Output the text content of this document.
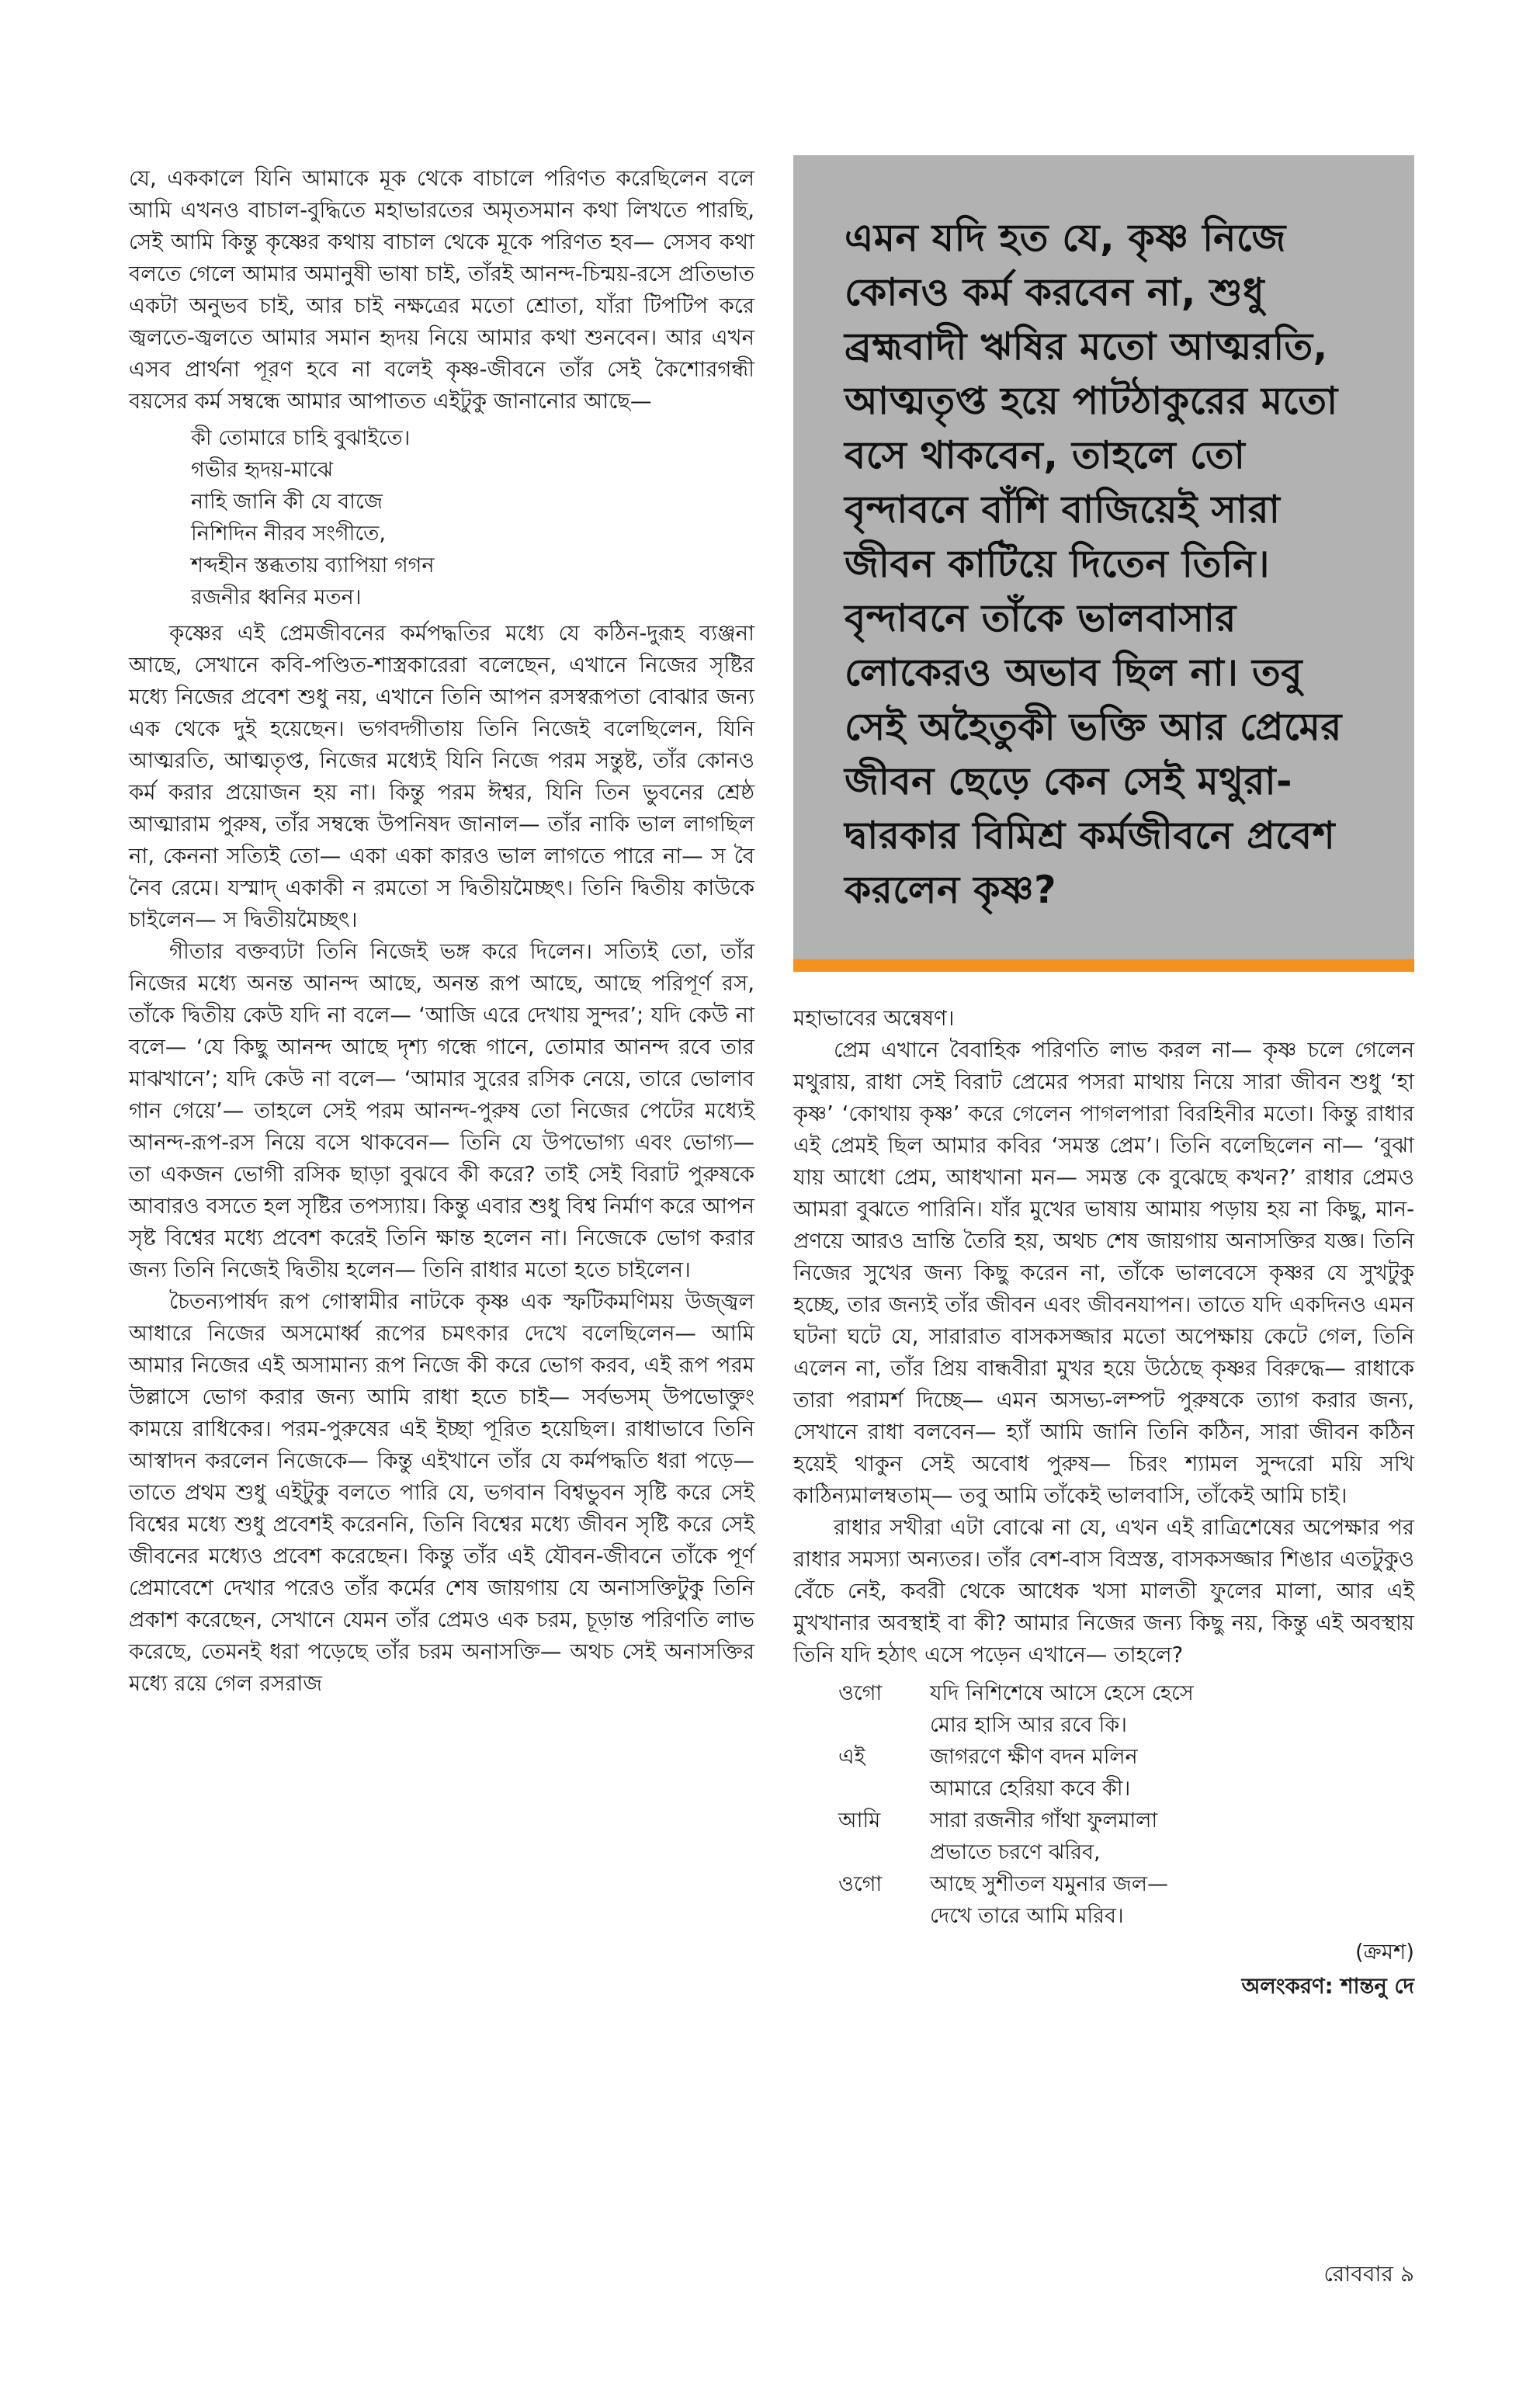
যে, এককালে যিনি আমাকে মূক থেকে বাচালে পরিণত করেছিলেন বলে আমি এখনও বাচাল-বুদ্ধিতে মহাভারতের অমৃতসমান কথা লিখতে পারছি, সেই আমি কিন্তু কৃষ্ণের কথায় বাচাল থেকে মূকে পরিণত হব— সেসব কথা বলতে গেলে আমার অমানুষী ভাষা চাই, তাঁরই আনন্দ-চিন্ময়-রসে প্রতিভাত একটা অনুভব চাই, আর চাই নক্ষত্রের মতো শ্রোতা, যাঁরা টিপটিপ করে জ্বলতে-জ্বলতে আমার সমান হৃদয় নিয়ে আমার কথা শুনবেন। আর এখন এসব প্রার্থনা পূরণ হবে না বলেই কৃষ্ণ-জীবনে তাঁর সেই কৈশোরগন্ধী বয়সের কর্ম সম্বন্ধে আমার আপাতত এইটুকু জানানোর আছে—

কী তোমারে চাহি বুঝাইতে।
গভীর হৃদয়-মাঝে
নাহি জানি কী যে বাজে
নিশিদিন নীরব সংগীতে,
শব্দহীন স্তব্ধতায় ব্যাপিয়া গগন
রজনীর ধ্বনির মতন।

কৃষ্ণের এই প্রেমজীবনের কর্মপদ্ধতির মধ্যে যে কঠিন-দুরূহ ব্যঞ্জনা আছে, সেখানে কবি-পণ্ডিত-শাস্ত্রকারেরা বলেছেন, এখানে নিজের সৃষ্টির মধ্যে নিজের প্রবেশ শুধু নয়, এখানে তিনি আপন রসস্বরূপতা বোঝার জন্য এক থেকে দুই হয়েছেন। ভগবদ্গীতায় তিনি নিজেই বলেছিলেন, যিনি আত্মরতি, আত্মতৃপ্ত, নিজের মধ্যেই যিনি নিজে পরম সন্তুষ্ট, তাঁর কোনও কর্ম করার প্রয়োজন হয় না। কিন্তু পরম ঈশ্বর, যিনি তিন ভুবনের শ্রেষ্ঠ আত্মারাম পুরুষ, তাঁর সম্বন্ধে উপনিষদ জানাল— তাঁর নাকি ভাল লাগছিল না, কেননা সত্যিই তো— একা একা কারও ভাল লাগতে পারে না— স বৈ নৈব রেমে। যস্মাদ্ একাকী ন রমতো স দ্বিতীয়মৈচ্ছৎ। তিনি দ্বিতীয় কাউকে চাইলেন— স দ্বিতীয়মৈচ্ছৎ।

গীতার বক্তব্যটা তিনি নিজেই ভঙ্গ করে দিলেন। সত্যিই তো, তাঁর নিজের মধ্যে অনন্ত আনন্দ আছে, অনন্ত রূপ আছে, আছে পরিপূর্ণ রস, তাঁকে দ্বিতীয় কেউ যদি না বলে— ‘আজি এরে দেখায় সুন্দর’; যদি কেউ না বলে— ‘যে কিছু আনন্দ আছে দৃশ্য গন্ধে গানে, তোমার আনন্দ রবে তার মাঝখানে’; যদি কেউ না বলে— ‘আমার সুরের রসিক নেয়ে, তারে ভোলাব গান গেয়ে’— তাহলে সেই পরম আনন্দ-পুরুষ তো নিজের পেটের মধ্যেই আনন্দ-রূপ-রস নিয়ে বসে থাকবেন— তিনি যে উপভোগ্য এবং ভোগ্য— তা একজন ভোগী রসিক ছাড়া বুঝবে কী করে? তাই সেই বিরাট পুরুষকে আবারও বসতে হল সৃষ্টির তপস্যায়। কিন্তু এবার শুধু বিশ্ব নির্মাণ করে আপন সৃষ্ট বিশ্বের মধ্যে প্রবেশ করেই তিনি ক্ষান্ত হলেন না। নিজেকে ভোগ করার জন্য তিনি নিজেই দ্বিতীয় হলেন— তিনি রাধার মতো হতে চাইলেন।

চৈতন্যপার্ষদ রূপ গোস্বামীর নাটকে কৃষ্ণ এক স্ফটিকমণিময় উজ্জ্বল আধারে নিজের অসমোর্ধ্ব রূপের চমৎকার দেখে বলেছিলেন— আমি আমার নিজের এই অসামান্য রূপ নিজে কী করে ভোগ করব, এই রূপ পরম উল্লাসে ভোগ করার জন্য আমি রাধা হতে চাই— সর্বভসম্ উপভোক্তুং কাময়ে রাধিকের। পরম-পুরুষের এই ইচ্ছা পূরিত হয়েছিল। রাধাভাবে তিনি আস্বাদন করলেন নিজেকে— কিন্তু এইখানে তাঁর যে কর্মপদ্ধতি ধরা পড়ে— তাতে প্রথম শুধু এইটুকু বলতে পারি যে, ভগবান বিশ্বভুবন সৃষ্টি করে সেই বিশ্বের মধ্যে শুধু প্রবেশই করেননি, তিনি বিশ্বের মধ্যে জীবন সৃষ্টি করে সেই জীবনের মধ্যেও প্রবেশ করেছেন। কিন্তু তাঁর এই যৌবন-জীবনে তাঁকে পূর্ণ প্রেমাবেশে দেখার পরেও তাঁর কর্মের শেষ জায়গায় যে অনাসক্তিটুকু তিনি প্রকাশ করেছেন, সেখানে যেমন তাঁর প্রেমও এক চরম, চূড়ান্ত পরিণতি লাভ করেছে, তেমনই ধরা পড়েছে তাঁর চরম অনাসক্তি— অথচ সেই অনাসক্তির মধ্যে রয়ে গেল রসরাজ

এমন যদি হত যে, কৃষ্ণ নিজে কোনও কর্ম করবেন না, শুধু ব্রহ্মবাদী ঋষির মতো আত্মরতি, আত্মতৃপ্ত হয়ে পাটঠাকুরের মতো বসে থাকবেন, তাহলে তো বৃন্দাবনে বাঁশি বাজিয়েই সারা জীবন কাটিয়ে দিতেন তিনি। বৃন্দাবনে তাঁকে ভালবাসার লোকেরও অভাব ছিল না। তবু সেই অহৈতুকী ভক্তি আর প্রেমের জীবন ছেড়ে কেন সেই মথুরা-দ্বারকার বিমিশ্র কর্মজীবনে প্রবেশ করলেন কৃষ্ণ?

মহাভাবের অন্বেষণ।

প্রেম এখানে বৈবাহিক পরিণতি লাভ করল না— কৃষ্ণ চলে গেলেন মথুরায়, রাধা সেই বিরাট প্রেমের পসরা মাথায় নিয়ে সারা জীবন শুধু ‘হা কৃষ্ণ’ ‘কোথায় কৃষ্ণ’ করে গেলেন পাগলপারা বিরহিনীর মতো। কিন্তু রাধার এই প্রেমই ছিল আমার কবির ‘সমস্ত প্রেম’। তিনি বলেছিলেন না— ‘বুঝা যায় আধো প্রেম, আধখানা মন— সমস্ত কে বুঝেছে কখন?’ রাধার প্রেমও আমরা বুঝতে পারিনি। যাঁর মুখের ভাষায় আমায় পড়ায় হয় না কিছু, মান-প্রণয়ে আরও ভ্রান্তি তৈরি হয়, অথচ শেষ জায়গায় অনাসক্তির যজ্ঞ। তিনি নিজের সুখের জন্য কিছু করেন না, তাঁকে ভালবেসে কৃষ্ণর যে সুখটুকু হচ্ছে, তার জন্যই তাঁর জীবন এবং জীবনযাপন। তাতে যদি একদিনও এমন ঘটনা ঘটে যে, সারারাত বাসকসজ্জার মতো অপেক্ষায় কেটে গেল, তিনি এলেন না, তাঁর প্রিয় বান্ধবীরা মুখর হয়ে উঠেছে কৃষ্ণর বিরুদ্ধে— রাধাকে তারা পরামর্শ দিচ্ছে— এমন অসভ্য-লম্পট পুরুষকে ত্যাগ করার জন্য, সেখানে রাধা বলবেন— হ্যাঁ আমি জানি তিনি কঠিন, সারা জীবন কঠিন হয়েই থাকুন সেই অবোধ পুরুষ— চিরং শ্যামল সুন্দরো ময়ি সখি কাঠিন্যমালম্বতাম্— তবু আমি তাঁকেই ভালবাসি, তাঁকেই আমি চাই।

রাধার সখীরা এটা বোঝে না যে, এখন এই রাত্রিশেষের অপেক্ষার পর রাধার সমস্যা অন্যতর। তাঁর বেশ-বাস বিস্রস্ত, বাসকসজ্জার শিঙার এতটুকুও বেঁচে নেই, কবরী থেকে আধেক খসা মালতী ফুলের মালা, আর এই মুখখানার অবস্থাই বা কী? আমার নিজের জন্য কিছু নয়, কিন্তু এই অবস্থায় তিনি যদি হঠাৎ এসে পড়েন এখানে— তাহলে?

ওগো	যদি নিশিশেষে আসে হেসে হেসে
মোর হাসি আর রবে কি।
এই	জাগরণে ক্ষীণ বদন মলিন
আমারে হেরিয়া কবে কী।
আমি	সারা রজনীর গাঁথা ফুলমালা
প্রভাতে চরণে ঝরিব,
ওগো	আছে সুশীতল যমুনার জল—
দেখে তারে আমি মরিব।
(ক্রমশ)
অলংকরণ: শান্তনু দে
রোববার ৯
